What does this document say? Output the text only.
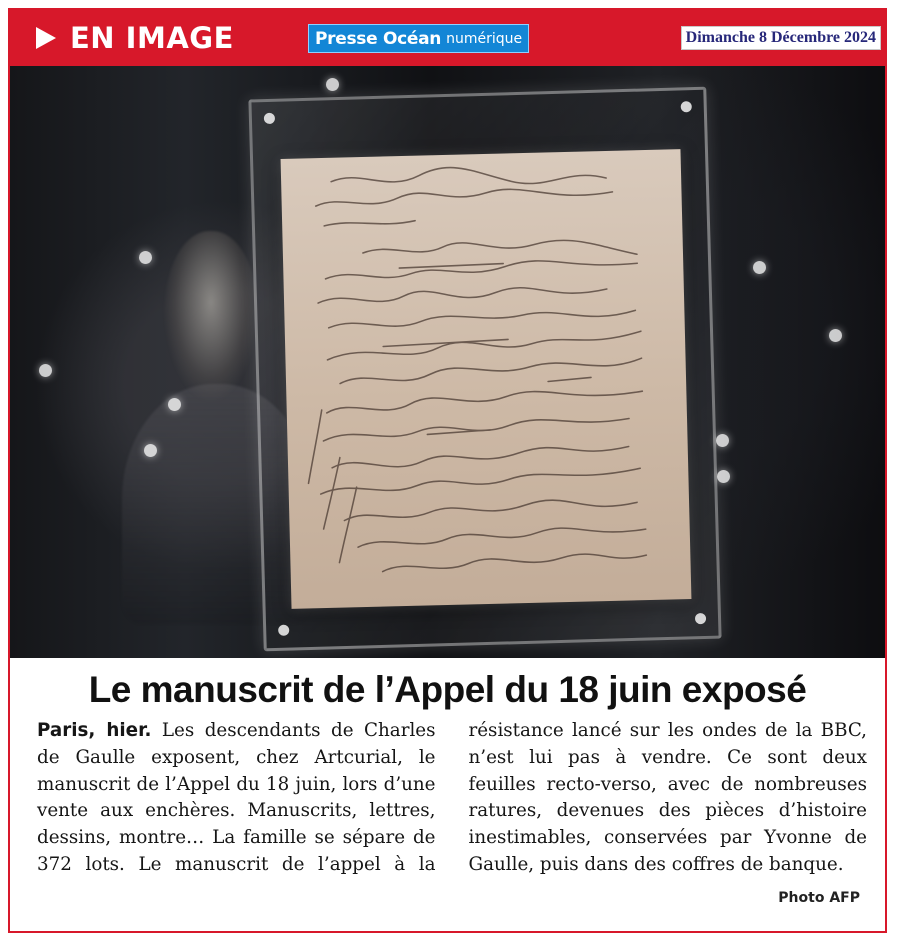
EN IMAGE	Presse Océan numérique	Dimanche 8 Décembre 2024
Le manuscrit de l’Appel du 18 juin exposé
Paris, hier. Les descendants de Charles de Gaulle exposent, chez Artcurial, le manuscrit de l’Appel du 18 juin, lors d’une vente aux enchères. Manuscrits, lettres, dessins, montre… La famille se sépare de 372 lots. Le manuscrit de l’appel à la résistance lancé sur les ondes de la BBC, n’est lui pas à vendre. Ce sont deux feuilles recto-verso, avec de nombreuses ratures, devenues des pièces d’histoire inestimables, conservées par Yvonne de Gaulle, puis dans des coffres de banque.
Photo AFP
